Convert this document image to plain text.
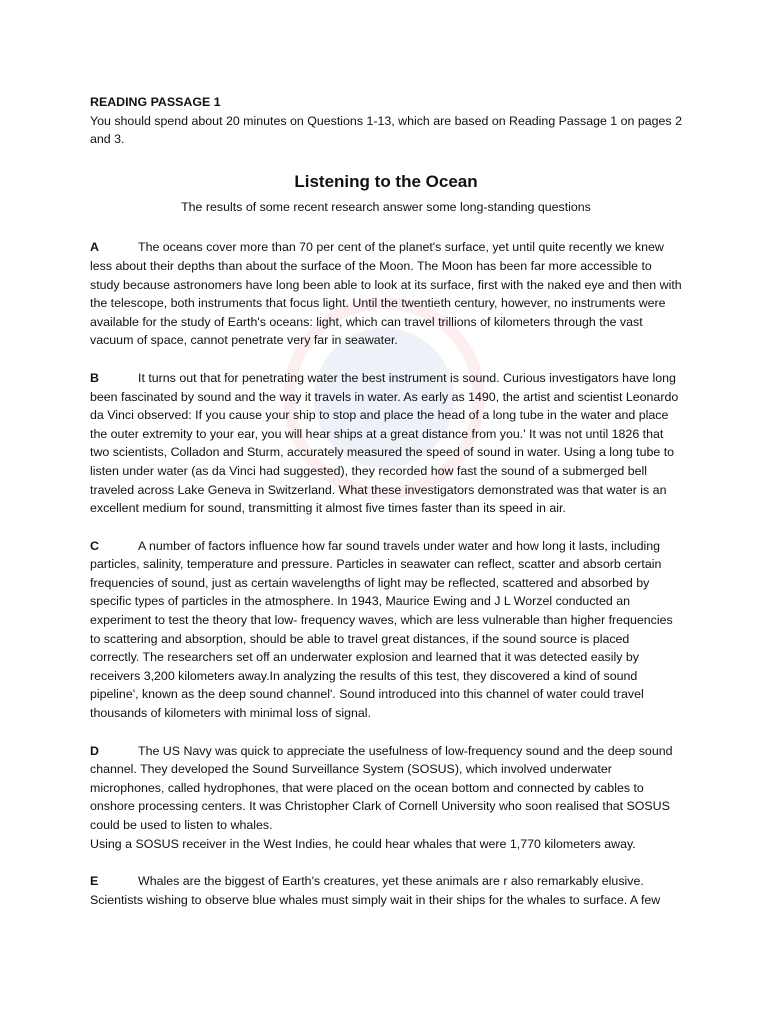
READING PASSAGE 1

You should spend about 20 minutes on Questions 1-13, which are based on Reading Passage 1 on pages 2 and 3.

Listening to the Ocean

The results of some recent research answer some long-standing questions

A	The oceans cover more than 70 per cent of the planet's surface, yet until quite recently we knew less about their depths than about the surface of the Moon. The Moon has been far more accessible to study because astronomers have long been able to look at its surface, first with the naked eye and then with the telescope, both instruments that focus light. Until the twentieth century, however, no instruments were available for the study of Earth's oceans: light, which can travel trillions of kilometers through the vast vacuum of space, cannot penetrate very far in seawater.

B	It turns out that for penetrating water the best instrument is sound. Curious investigators have long been fascinated by sound and the way it travels in water. As early as 1490, the artist and scientist Leonardo da Vinci observed: If you cause your ship to stop and place the head of a long tube in the water and place the outer extremity to your ear, you will hear ships at a great distance from you.' It was not until 1826 that two scientists, Colladon and Sturm, accurately measured the speed of sound in water. Using a long tube to listen under water (as da Vinci had suggested), they recorded how fast the sound of a submerged bell traveled across Lake Geneva in Switzerland. What these investigators demonstrated was that water is an excellent medium for sound, transmitting it almost five times faster than its speed in air.

C	A number of factors influence how far sound travels under water and how long it lasts, including particles, salinity, temperature and pressure. Particles in seawater can reflect, scatter and absorb certain frequencies of sound, just as certain wavelengths of light may be reflected, scattered and absorbed by specific types of particles in the atmosphere. In 1943, Maurice Ewing and J L Worzel conducted an experiment to test the theory that low- frequency waves, which are less vulnerable than higher frequencies to scattering and absorption, should be able to travel great distances, if the sound source is placed correctly. The researchers set off an underwater explosion and learned that it was detected easily by receivers 3,200 kilometers away.In analyzing the results of this test, they discovered a kind of sound pipeline', known as the deep sound channel'. Sound introduced into this channel of water could travel thousands of kilometers with minimal loss of signal.

D	The US Navy was quick to appreciate the usefulness of low-frequency sound and the deep sound channel. They developed the Sound Surveillance System (SOSUS), which involved underwater microphones, called hydrophones, that were placed on the ocean bottom and connected by cables to onshore processing centers. It was Christopher Clark of Cornell University who soon realised that SOSUS could be used to listen to whales.
Using a SOSUS receiver in the West Indies, he could hear whales that were 1,770 kilometers away.

E	Whales are the biggest of Earth's creatures, yet these animals are r also remarkably elusive. Scientists wishing to observe blue whales must simply wait in their ships for the whales to surface. A few
